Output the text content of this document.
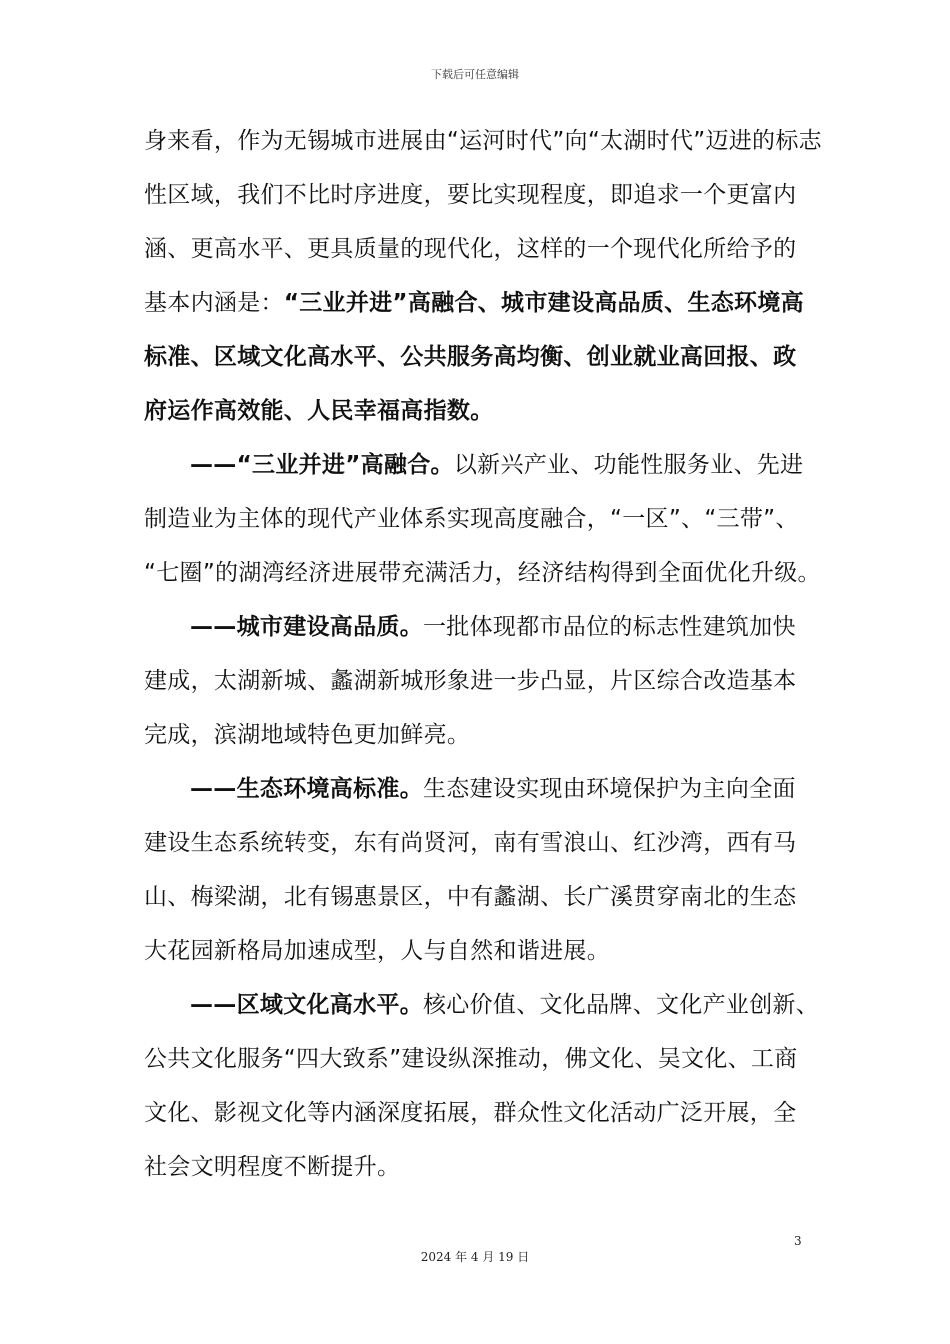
下载后可任意编辑
身来看，作为无锡城市进展由“运河时代”向“太湖时代”迈进的标志
性区域，我们不比时序进度，要比实现程度，即追求一个更富内
涵、更高水平、更具质量的现代化，这样的一个现代化所给予的
基本内涵是：“三业并进”高融合、城市建设高品质、生态环境高
标准、区域文化高水平、公共服务高均衡、创业就业高回报、政
府运作高效能、人民幸福高指数。
——“三业并进”高融合。以新兴产业、功能性服务业、先进
制造业为主体的现代产业体系实现高度融合，“一区”、“三带”、
“七圈”的湖湾经济进展带充满活力，经济结构得到全面优化升级。
——城市建设高品质。一批体现都市品位的标志性建筑加快
建成，太湖新城、蠡湖新城形象进一步凸显，片区综合改造基本
完成，滨湖地域特色更加鲜亮。
——生态环境高标准。生态建设实现由环境保护为主向全面
建设生态系统转变，东有尚贤河，南有雪浪山、红沙湾，西有马
山、梅梁湖，北有锡惠景区，中有蠡湖、长广溪贯穿南北的生态
大花园新格局加速成型，人与自然和谐进展。
——区域文化高水平。核心价值、文化品牌、文化产业创新、
公共文化服务“四大致系”建设纵深推动，佛文化、吴文化、工商
文化、影视文化等内涵深度拓展，群众性文化活动广泛开展，全
社会文明程度不断提升。
3
2024 年 4 月 19 日
